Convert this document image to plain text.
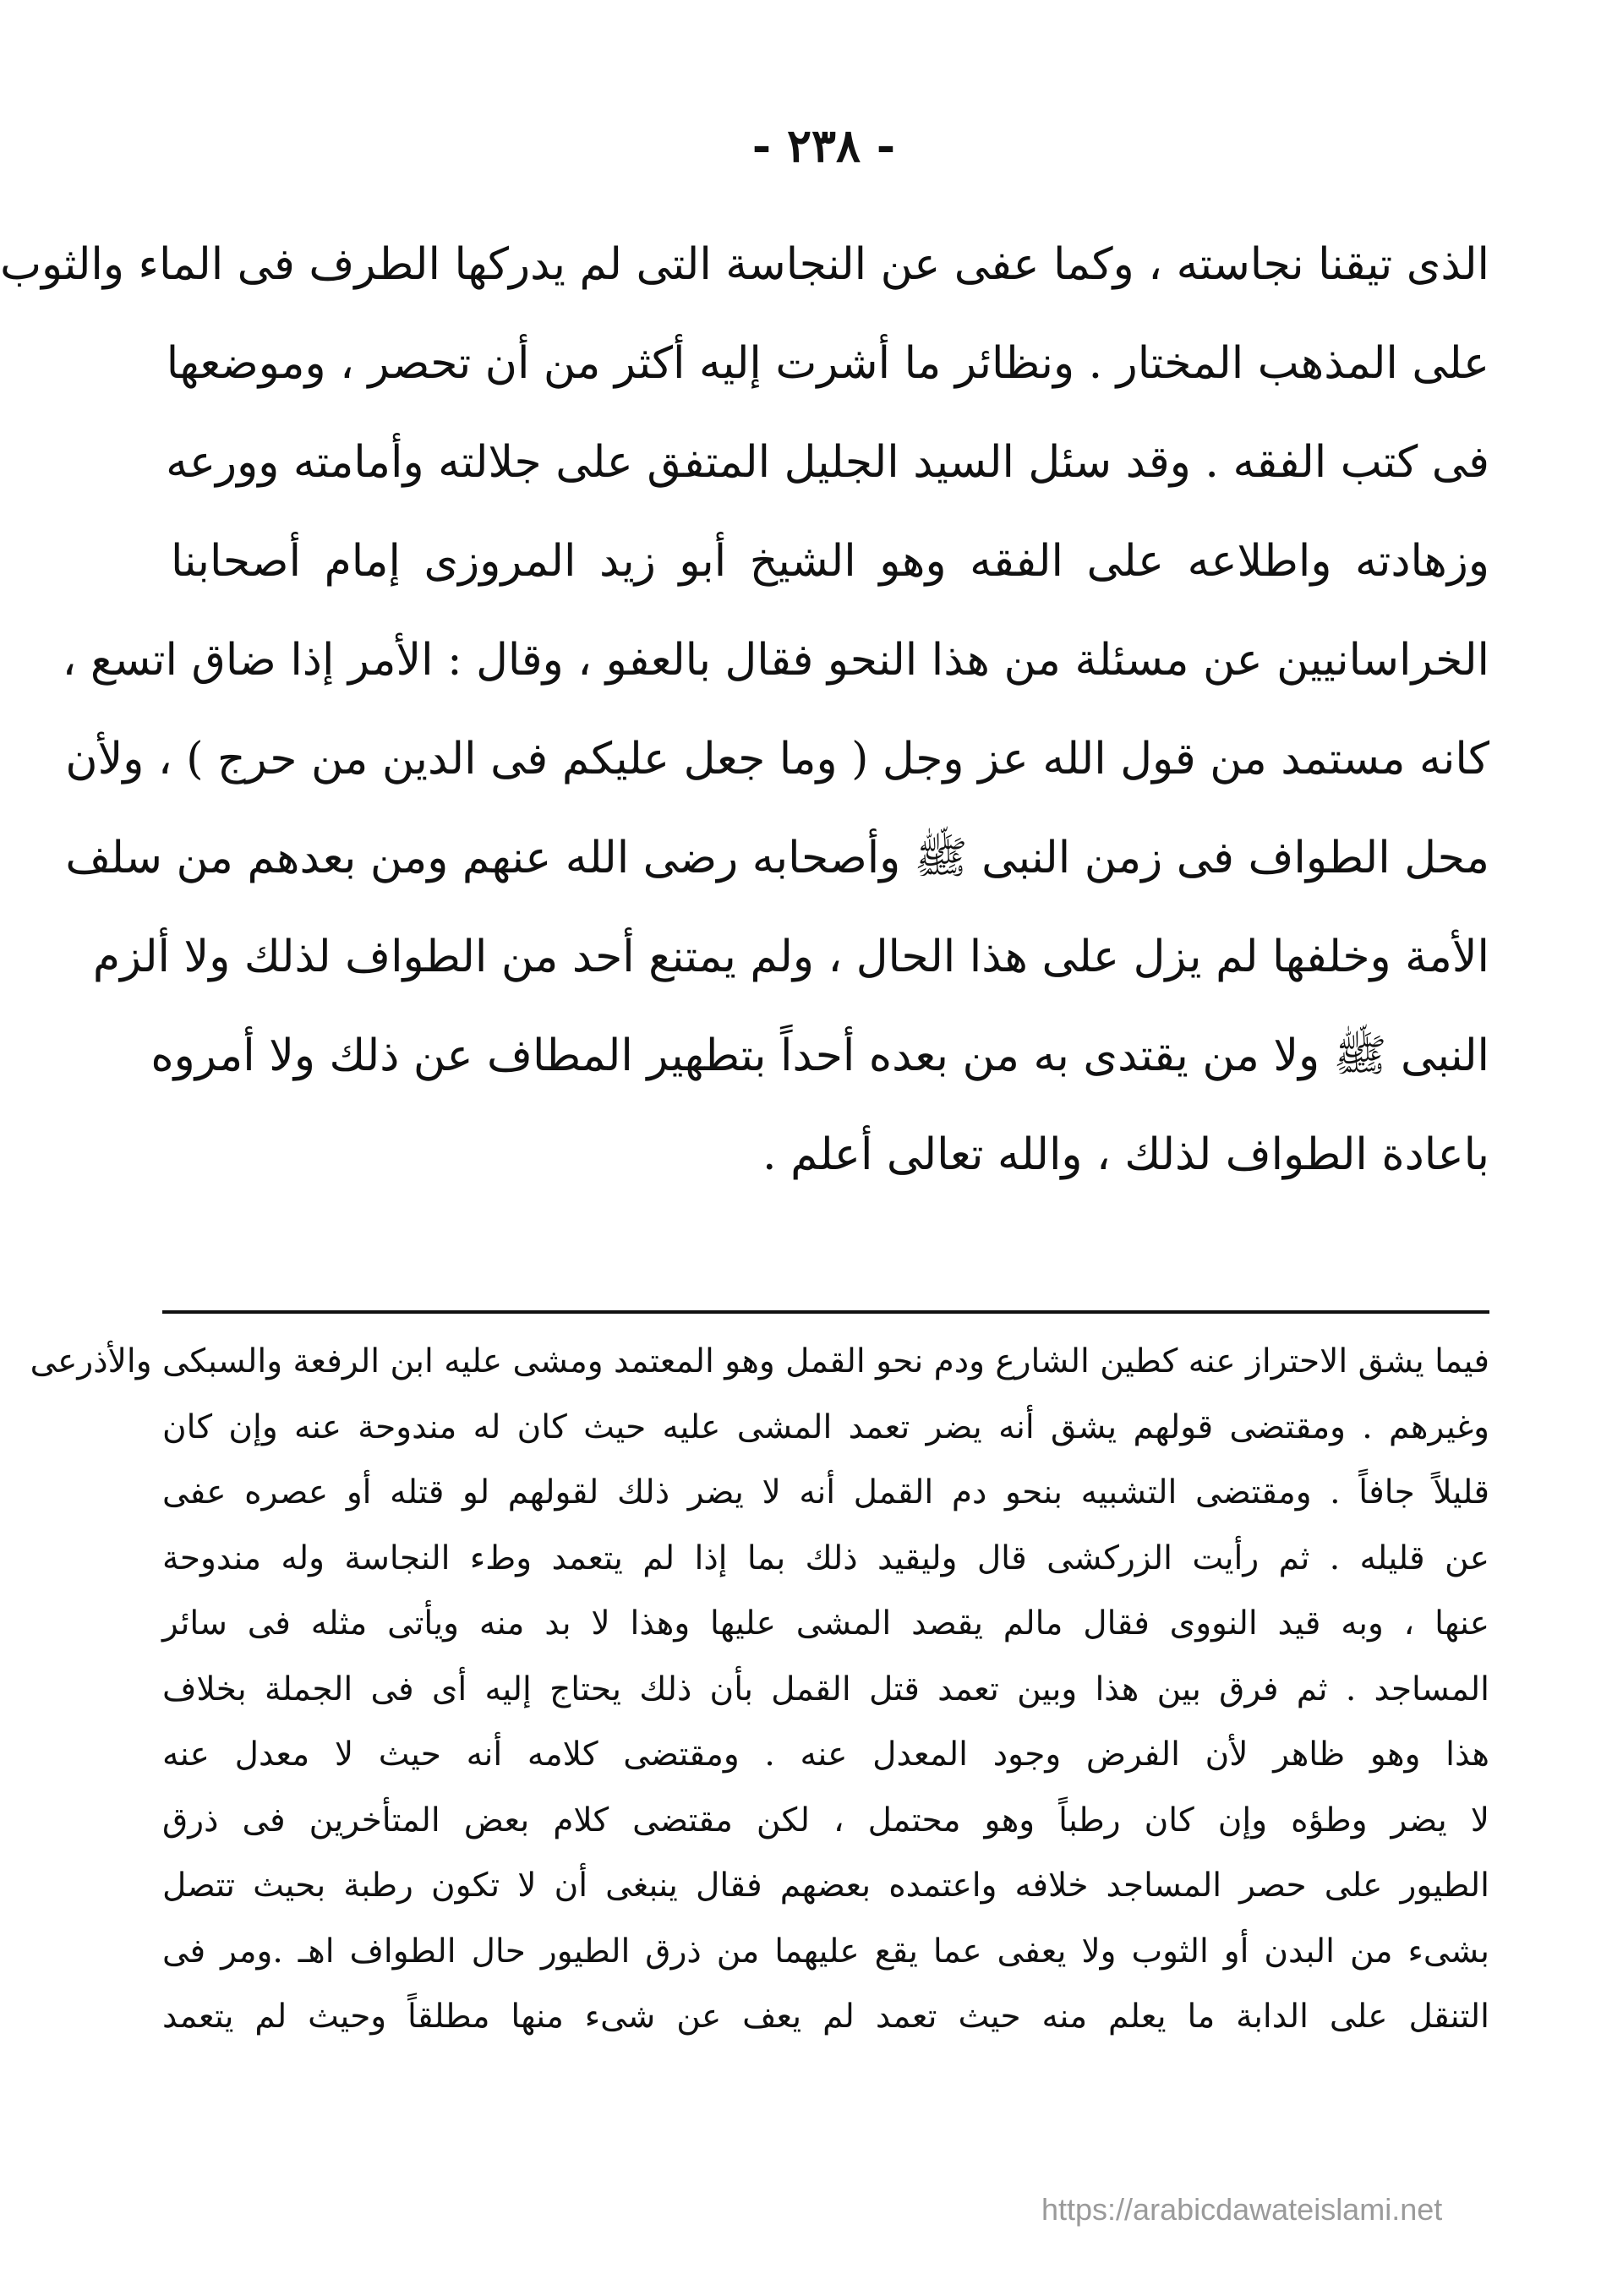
- ٢٣٨ -
الذى تيقنا نجاسته ، وكما عفى عن النجاسة التى لم يدركها الطرف فى الماء والثوب
على المذهب المختار . ونظائر ما أشرت إليه أكثر من أن تحصر ، وموضعها
فى كتب الفقه . وقد سئل السيد الجليل المتفق على جلالته وأمامته وورعه
وزهادته واطلاعه على الفقه وهو الشيخ أبو زيد المروزى إمام أصحابنا
الخراسانيين عن مسئلة من هذا النحو فقال بالعفو ، وقال : الأمر إذا ضاق اتسع ،
كانه مستمد من قول الله عز وجل ( وما جعل عليكم فى الدين من حرج ) ، ولأن
محل الطواف فى زمن النبى ﷺ وأصحابه رضى الله عنهم ومن بعدهم من سلف
الأمة وخلفها لم يزل على هذا الحال ، ولم يمتنع أحد من الطواف لذلك ولا ألزم
النبى ﷺ ولا من يقتدى به من بعده أحداً بتطهير المطاف عن ذلك ولا أمروه
باعادة الطواف لذلك ، والله تعالى أعلم .
فيما يشق الاحتراز عنه كطين الشارع ودم نحو القمل وهو المعتمد ومشى عليه ابن الرفعة والسبكى والأذرعى
وغيرهم . ومقتضى قولهم يشق أنه يضر تعمد المشى عليه حيث كان له مندوحة عنه وإن كان
قليلاً جافاً . ومقتضى التشبيه بنحو دم القمل أنه لا يضر ذلك لقولهم لو قتله أو عصره عفى
عن قليله . ثم رأيت الزركشى قال وليقيد ذلك بما إذا لم يتعمد وطء النجاسة وله مندوحة
عنها ، وبه قيد النووى فقال مالم يقصد المشى عليها وهذا لا بد منه ويأتى مثله فى سائر
المساجد . ثم فرق بين هذا وبين تعمد قتل القمل بأن ذلك يحتاج إليه أى فى الجملة بخلاف
هذا وهو ظاهر لأن الفرض وجود المعدل عنه . ومقتضى كلامه أنه حيث لا معدل عنه
لا يضر وطؤه وإن كان رطباً وهو محتمل ، لكن مقتضى كلام بعض المتأخرين فى ذرق
الطيور على حصر المساجد خلافه واعتمده بعضهم فقال ينبغى أن لا تكون رطبة بحيث تتصل
بشىء من البدن أو الثوب ولا يعفى عما يقع عليهما من ذرق الطيور حال الطواف اهـ .ومر فى
التنقل على الدابة ما يعلم منه حيث تعمد لم يعف عن شىء منها مطلقاً وحيث لم يتعمد
https://arabicdawateislami.net
